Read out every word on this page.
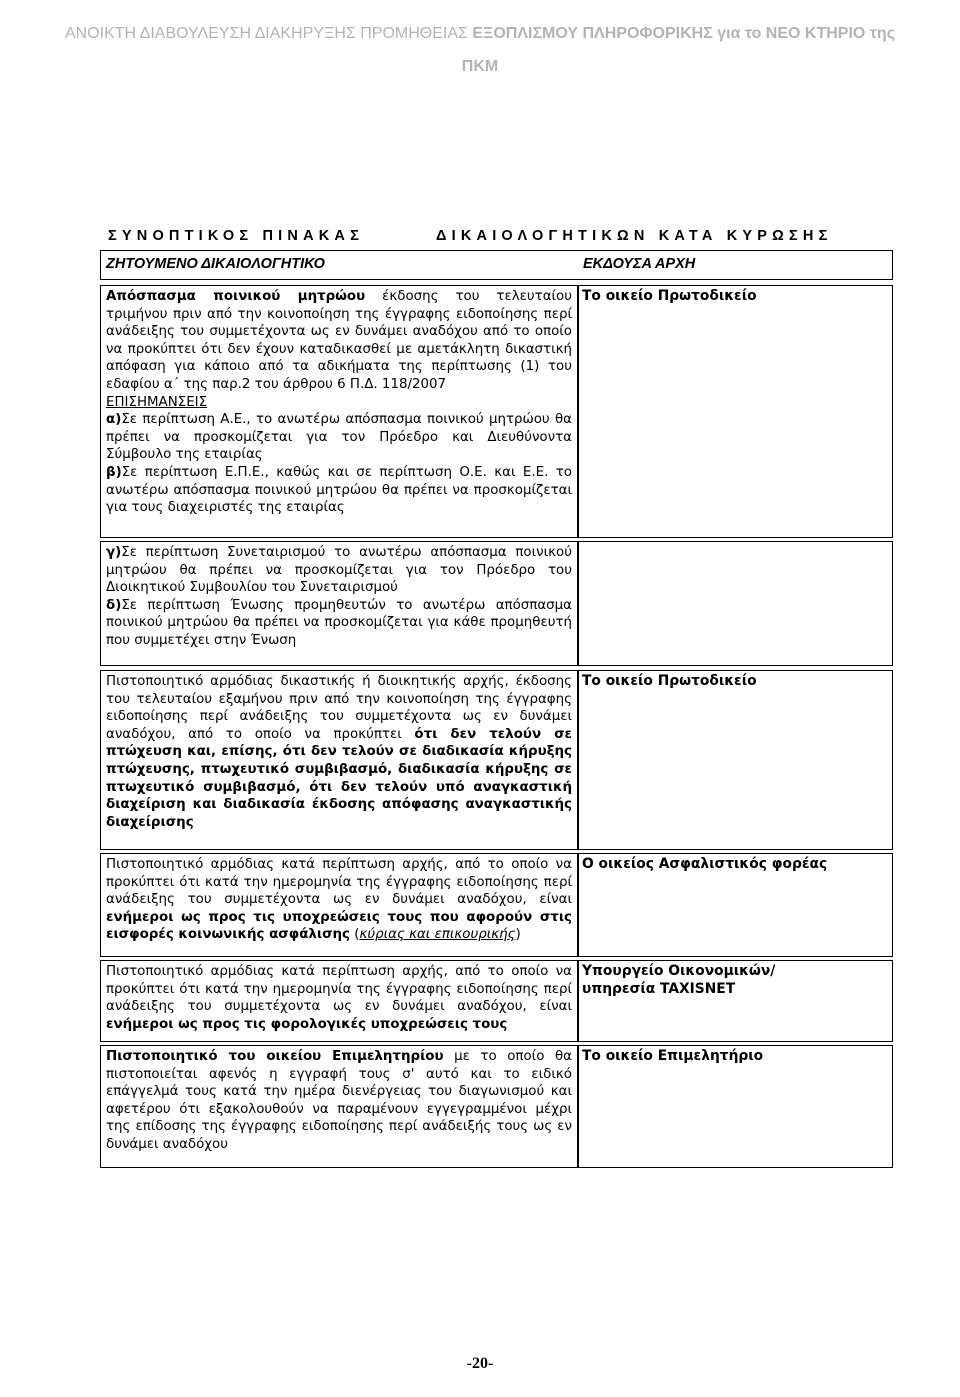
ΑΝΟΙΚΤΗ ΔΙΑΒΟΥΛΕΥΣΗ ΔΙΑΚΗΡΥΞΗΣ ΠΡΟΜΗΘΕΙΑΣ ΕΞΟΠΛΙΣΜΟΥ ΠΛΗΡΟΦΟΡΙΚΗΣ για το ΝΕΟ ΚΤΗΡΙΟ της
ΠΚΜ
ΣΥΝΟΠΤΙΚΟΣ ΠΙΝΑΚΑΣ	ΔΙΚΑΙΟΛΟΓΗΤΙΚΩΝ ΚΑΤΑ ΚΥΡΩΣΗΣ
ΖΗΤΟΥΜΕΝΟ ΔΙΚΑΙΟΛΟΓΗΤΙΚΟ	ΕΚΔΟΥΣΑ ΑΡΧΗ
Απόσπασμα ποινικού μητρώου έκδοσης του τελευταίου τριμήνου πριν από την κοινοποίηση της έγγραφης ειδοποίησης περί ανάδειξης του συμμετέχοντα ως εν δυνάμει αναδόχου από το οποίο να προκύπτει ότι δεν έχουν καταδικασθεί με αμετάκλητη δικαστική απόφαση για κάποιο από τα αδικήματα της περίπτωσης (1) του εδαφίου α΄ της παρ.2 του άρθρου 6 Π.Δ. 118/2007
ΕΠΙΣΗΜΑΝΣΕΙΣ
α)Σε περίπτωση Α.Ε., το ανωτέρω απόσπασμα ποινικού μητρώου θα πρέπει να προσκομίζεται για τον Πρόεδρο και Διευθύνοντα Σύμβουλο της εταιρίας
β)Σε περίπτωση Ε.Π.Ε., καθώς και σε περίπτωση Ο.Ε. και Ε.Ε. το ανωτέρω απόσπασμα ποινικού μητρώου θα πρέπει να προσκομίζεται για τους διαχειριστές της εταιρίας
Το οικείο Πρωτοδικείο
γ)Σε περίπτωση Συνεταιρισμού το ανωτέρω απόσπασμα ποινικού μητρώου θα πρέπει να προσκομίζεται για τον Πρόεδρο του Διοικητικού Συμβουλίου του Συνεταιρισμού
δ)Σε περίπτωση Ένωσης προμηθευτών το ανωτέρω απόσπασμα ποινικού μητρώου θα πρέπει να προσκομίζεται για κάθε προμηθευτή που συμμετέχει στην Ένωση
Πιστοποιητικό αρμόδιας δικαστικής ή διοικητικής αρχής, έκδοσης του τελευταίου εξαμήνου πριν από την κοινοποίηση της έγγραφης ειδοποίησης περί ανάδειξης του συμμετέχοντα ως εν δυνάμει αναδόχου, από το οποίο να προκύπτει ότι δεν τελούν σε πτώχευση και, επίσης, ότι δεν τελούν σε διαδικασία κήρυξης πτώχευσης, πτωχευτικό συμβιβασμό, διαδικασία κήρυξης σε πτωχευτικό συμβιβασμό, ότι δεν τελούν υπό αναγκαστική διαχείριση και διαδικασία έκδοσης απόφασης αναγκαστικής διαχείρισης
Το οικείο Πρωτοδικείο
Πιστοποιητικό αρμόδιας κατά περίπτωση αρχής, από το οποίο να προκύπτει ότι κατά την ημερομηνία της έγγραφης ειδοποίησης περί ανάδειξης του συμμετέχοντα ως εν δυνάμει αναδόχου, είναι ενήμεροι ως προς τις υποχρεώσεις τους που αφορούν στις εισφορές κοινωνικής ασφάλισης (κύριας και επικουρικής)
Ο οικείος Ασφαλιστικός φορέας
Πιστοποιητικό αρμόδιας κατά περίπτωση αρχής, από το οποίο να προκύπτει ότι κατά την ημερομηνία της έγγραφης ειδοποίησης περί ανάδειξης του συμμετέχοντα ως εν δυνάμει αναδόχου, είναι ενήμεροι ως προς τις φορολογικές υποχρεώσεις τους
Υπουργείο Οικονομικών/
υπηρεσία TAXISNET
Πιστοποιητικό του οικείου Επιμελητηρίου με το οποίο θα πιστοποιείται αφενός η εγγραφή τους σ' αυτό και το ειδικό επάγγελμά τους κατά την ημέρα διενέργειας του διαγωνισμού και αφετέρου ότι εξακολουθούν να παραμένουν εγγεγραμμένοι μέχρι της επίδοσης της έγγραφης ειδοποίησης περί ανάδειξής τους ως εν δυνάμει αναδόχου
Το οικείο Επιμελητήριο
-20-
